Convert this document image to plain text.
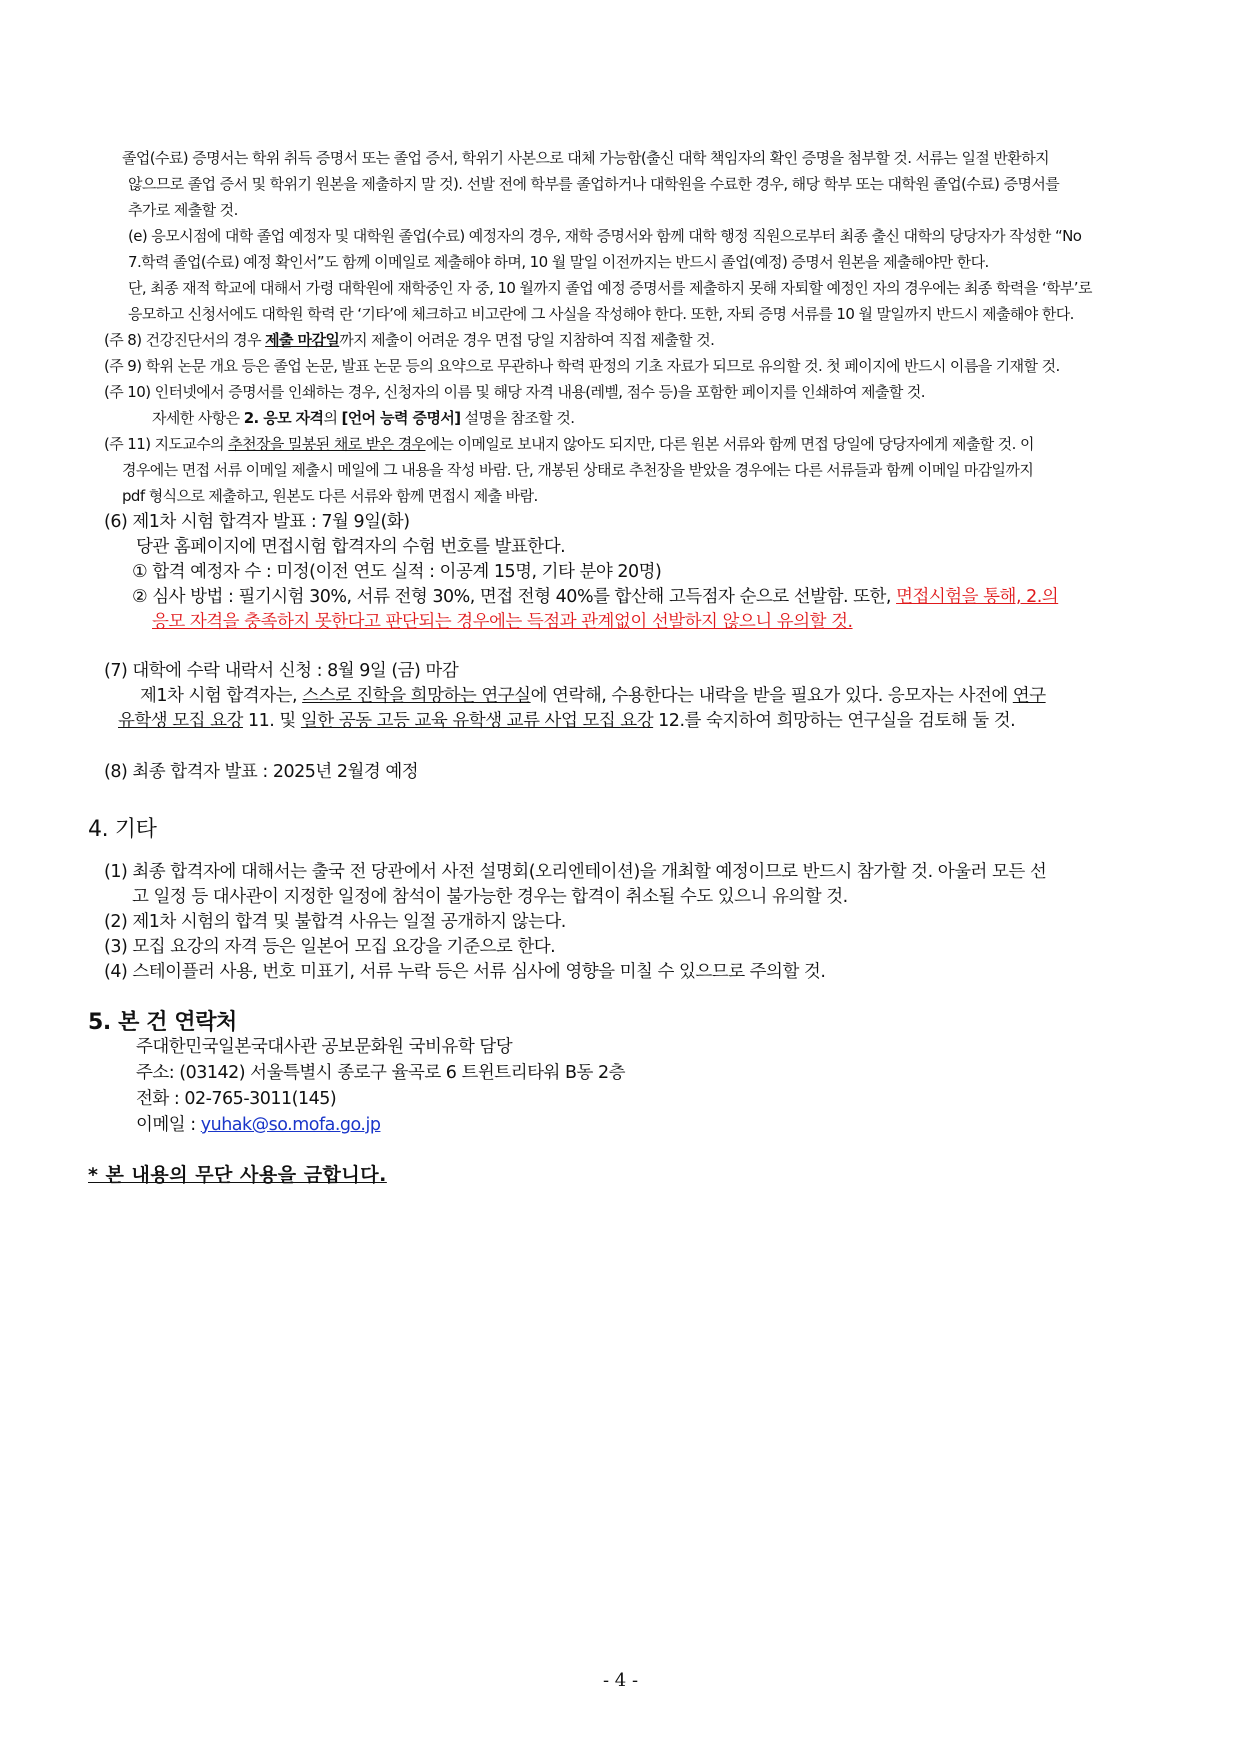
졸업(수료) 증명서는 학위 취득 증명서 또는 졸업 증서, 학위기 사본으로 대체 가능함(출신 대학 책임자의 확인 증명을 첨부할 것. 서류는 일절 반환하지
않으므로 졸업 증서 및 학위기 원본을 제출하지 말 것). 선발 전에 학부를 졸업하거나 대학원을 수료한 경우, 해당 학부 또는 대학원 졸업(수료) 증명서를
추가로 제출할 것.
(e) 응모시점에 대학 졸업 예정자 및 대학원 졸업(수료) 예정자의 경우, 재학 증명서와 함께 대학 행정 직원으로부터 최종 출신 대학의 당당자가 작성한 “No
7.학력 졸업(수료) 예정 확인서”도 함께 이메일로 제출해야 하며, 10 월 말일 이전까지는 반드시 졸업(예정) 증명서 원본을 제출해야만 한다.
단, 최종 재적 학교에 대해서 가령 대학원에 재학중인 자 중, 10 월까지 졸업 예정 증명서를 제출하지 못해 자퇴할 예정인 자의 경우에는 최종 학력을 ‘학부’로
응모하고 신청서에도 대학원 학력 란 ‘기타’에 체크하고 비고란에 그 사실을 작성해야 한다. 또한, 자퇴 증명 서류를 10 월 말일까지 반드시 제출해야 한다.
(주 8) 건강진단서의 경우 제출 마감일까지 제출이 어려운 경우 면접 당일 지참하여 직접 제출할 것.
(주 9) 학위 논문 개요 등은 졸업 논문, 발표 논문 등의 요약으로 무관하나 학력 판정의 기초 자료가 되므로 유의할 것. 첫 페이지에 반드시 이름을 기재할 것.
(주 10) 인터넷에서 증명서를 인쇄하는 경우, 신청자의 이름 및 해당 자격 내용(레벨, 점수 등)을 포함한 페이지를 인쇄하여 제출할 것.
자세한 사항은 2. 응모 자격의 [언어 능력 증명서] 설명을 참조할 것.
(주 11) 지도교수의 추천장을 밀봉된 채로 받은 경우에는 이메일로 보내지 않아도 되지만, 다른 원본 서류와 함께 면접 당일에 당당자에게 제출할 것. 이
경우에는 면접 서류 이메일 제출시 메일에 그 내용을 작성 바람. 단, 개봉된 상태로 추천장을 받았을 경우에는 다른 서류들과 함께 이메일 마감일까지
pdf 형식으로 제출하고, 원본도 다른 서류와 함께 면접시 제출 바람.
(6) 제1차 시험 합격자 발표 : 7월 9일(화)
당관 홈페이지에 면접시험 합격자의 수험 번호를 발표한다.
① 합격 예정자 수 : 미정(이전 연도 실적 : 이공계 15명, 기타 분야 20명)
② 심사 방법 : 필기시험 30%, 서류 전형 30%, 면접 전형 40%를 합산해 고득점자 순으로 선발함. 또한, 면접시험을 통해, 2.의
응모 자격을 충족하지 못한다고 판단되는 경우에는 득점과 관계없이 선발하지 않으니 유의할 것.
(7) 대학에 수락 내락서 신청 : 8월 9일 (금) 마감
제1차 시험 합격자는, 스스로 진학을 희망하는 연구실에 연락해, 수용한다는 내락을 받을 필요가 있다. 응모자는 사전에 연구
유학생 모집 요강 11. 및 일한 공동 고등 교육 유학생 교류 사업 모집 요강 12.를 숙지하여 희망하는 연구실을 검토해 둘 것.
(8) 최종 합격자 발표 : 2025년 2월경 예정
4. 기타
(1) 최종 합격자에 대해서는 출국 전 당관에서 사전 설명회(오리엔테이션)을 개최할 예정이므로 반드시 참가할 것. 아울러 모든 선
고 일정 등 대사관이 지정한 일정에 참석이 불가능한 경우는 합격이 취소될 수도 있으니 유의할 것.
(2) 제1차 시험의 합격 및 불합격 사유는 일절 공개하지 않는다.
(3) 모집 요강의 자격 등은 일본어 모집 요강을 기준으로 한다.
(4) 스테이플러 사용, 번호 미표기, 서류 누락 등은 서류 심사에 영향을 미칠 수 있으므로 주의할 것.
5. 본 건 연락처
주대한민국일본국대사관 공보문화원 국비유학 담당
주소: (03142) 서울특별시 종로구 율곡로 6 트윈트리타워 B동 2층
전화 : 02-765-3011(145)
이메일 : yuhak@so.mofa.go.jp
* 본 내용의 무단 사용을 금합니다.
- 4 -
